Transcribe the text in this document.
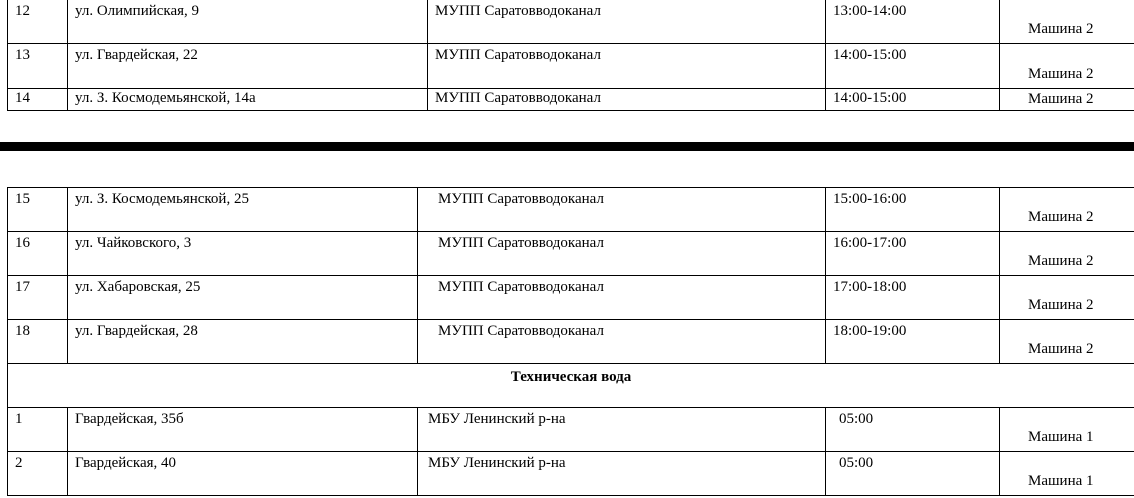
12	ул. Олимпийская, 9	МУПП Саратовводоканал	13:00-14:00	Машина 2

13	ул. Гвардейская, 22	МУПП Саратовводоканал	14:00-15:00	Машина 2

14	ул. З. Космодемьянской, 14а	МУПП Саратовводоканал	14:00-15:00	Машина 2
15	ул. З. Космодемьянской, 25	МУПП Саратовводоканал	15:00-16:00	Машина 2

16	ул. Чайковского, 3	МУПП Саратовводоканал	16:00-17:00	Машина 2

17	ул. Хабаровская, 25	МУПП Саратовводоканал	17:00-18:00	Машина 2

18	ул. Гвардейская, 28	МУПП Саратовводоканал	18:00-19:00	Машина 2

Техническая вода				

1	Гвардейская, 35б	МБУ Ленинский р-на	05:00	Машина 1

2	Гвардейская, 40	МБУ Ленинский р-на	05:00	Машина 1
